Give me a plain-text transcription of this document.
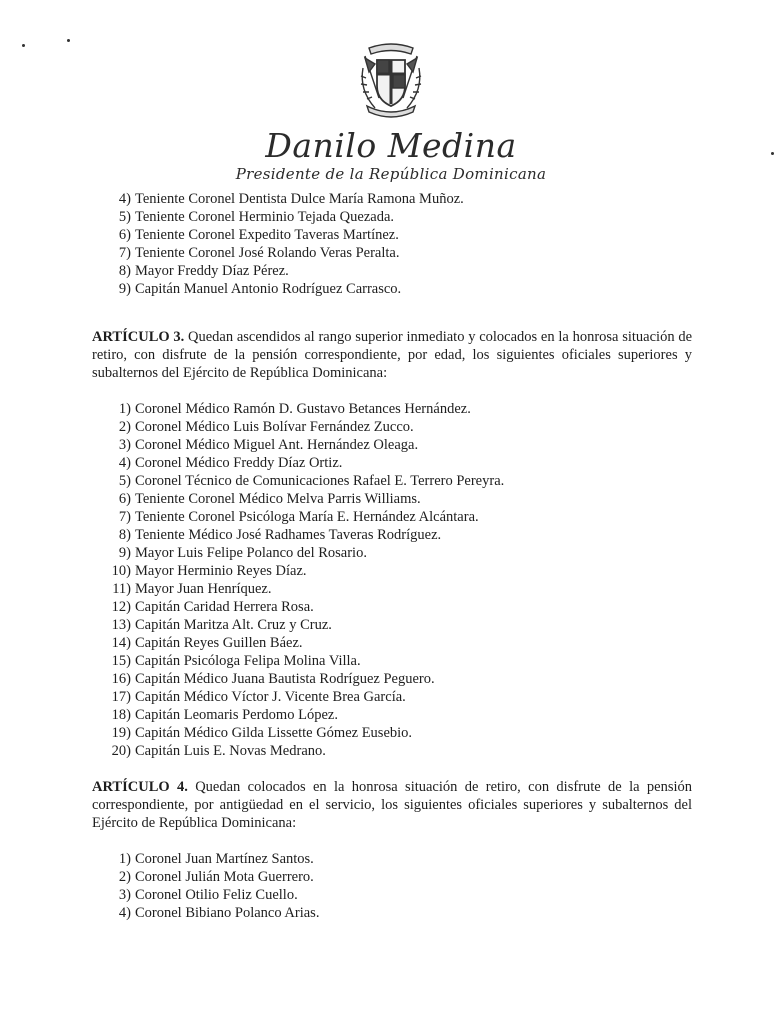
Danilo Medina
Presidente de la República Dominicana
4) Teniente Coronel Dentista Dulce María Ramona Muñoz.
5) Teniente Coronel Herminio Tejada Quezada.
6) Teniente Coronel Expedito Taveras Martínez.
7) Teniente Coronel José Rolando Veras Peralta.
8) Mayor Freddy Díaz Pérez.
9) Capitán Manuel Antonio Rodríguez Carrasco.

ARTÍCULO 3. Quedan ascendidos al rango superior inmediato y colocados en la honrosa situación de retiro, con disfrute de la pensión correspondiente, por edad, los siguientes oficiales superiores y subalternos del Ejército de República Dominicana:

1) Coronel Médico Ramón D. Gustavo Betances Hernández.
2) Coronel Médico Luis Bolívar Fernández Zucco.
3) Coronel Médico Miguel Ant. Hernández Oleaga.
4) Coronel Médico Freddy Díaz Ortiz.
5) Coronel Técnico de Comunicaciones Rafael E. Terrero Pereyra.
6) Teniente Coronel Médico Melva Parris Williams.
7) Teniente Coronel Psicóloga María E. Hernández Alcántara.
8) Teniente Médico José Radhames Taveras Rodríguez.
9) Mayor Luis Felipe Polanco del Rosario.
10) Mayor Herminio Reyes Díaz.
11) Mayor Juan Henríquez.
12) Capitán Caridad Herrera Rosa.
13) Capitán Maritza Alt. Cruz y Cruz.
14) Capitán Reyes Guillen Báez.
15) Capitán Psicóloga Felipa Molina Villa.
16) Capitán Médico Juana Bautista Rodríguez Peguero.
17) Capitán Médico Víctor J. Vicente Brea García.
18) Capitán Leomaris Perdomo López.
19) Capitán Médico Gilda Lissette Gómez Eusebio.
20) Capitán Luis E. Novas Medrano.

ARTÍCULO 4. Quedan colocados en la honrosa situación de retiro, con disfrute de la pensión correspondiente, por antigüedad en el servicio, los siguientes oficiales superiores y subalternos del Ejército de República Dominicana:

1) Coronel Juan Martínez Santos.
2) Coronel Julián Mota Guerrero.
3) Coronel Otilio Feliz Cuello.
4) Coronel Bibiano Polanco Arias.
